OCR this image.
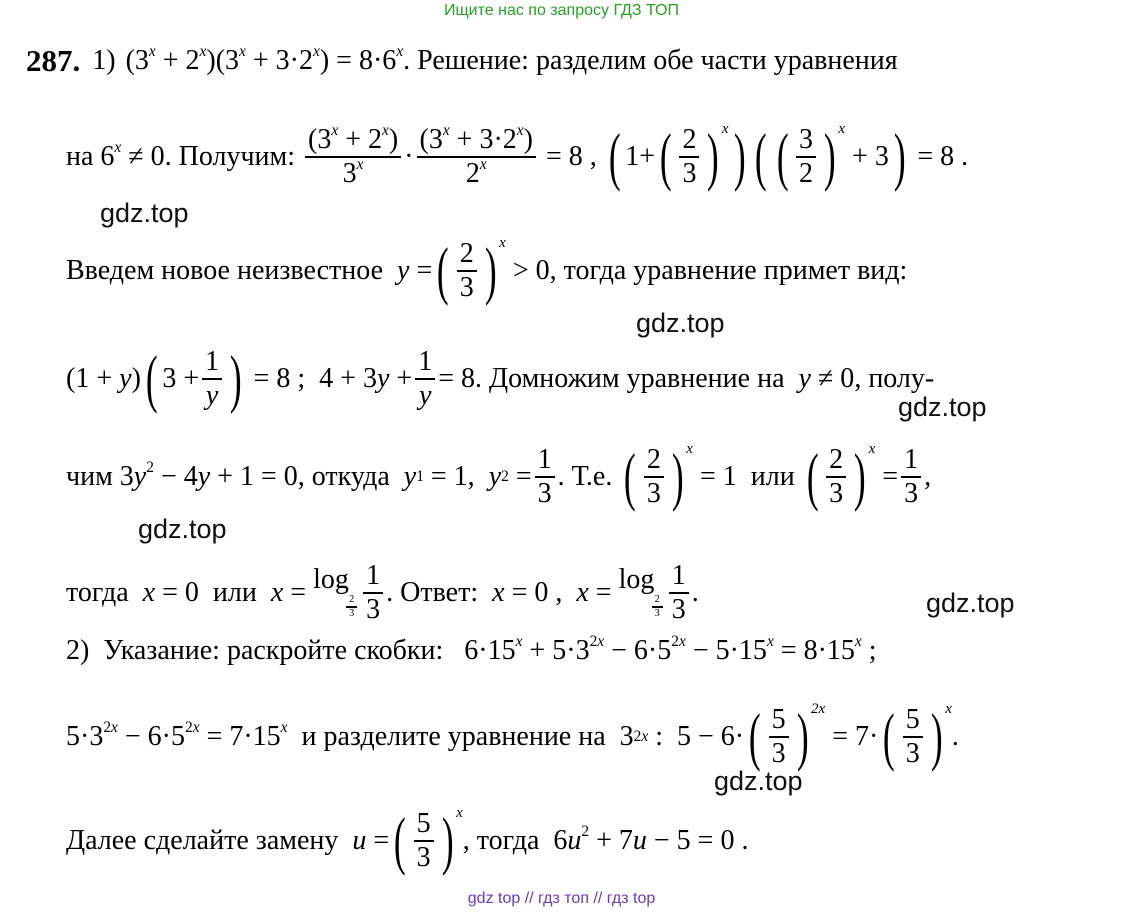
Ищите нас по запросу ГДЗ ТОП
gdz.top
gdz.top
gdz.top
gdz.top
gdz.top
gdz.top
287. 1) $(3^x + 2^x)(3^x + 3\cdot 2^x) = 8\cdot 6^x$ . Решение: разделим обе части уравнения
на
$6^x \ne 0$ . Получим:
$\frac{(3^x + 2^x)}{3^x} \cdot \frac{(3^x + 3\cdot 2^x)}{2^x} = 8$ , ( 1+ ( $\frac{2}{3}$ ) x ) ( ( $\frac{3}{2}$ ) x
+ 3 ) = 8 .
Введем новое неизвестное
y = ( $\frac{2}{3}$ ) x
> 0 , тогда уравнение примет вид:
(1 + y) ( $3 + \frac{1}{y}$ ) = 8 ;  4 + 3 $y + \frac{1}{y} = 8$ . Домножим уравнение на
y ≠ 0 , полу-
чим
$3y^2 - 4y + 1 = 0$ , откуда
y 1 = 1, y $2 = \frac{1}{3}$ . Т.е.
( $\frac{2}{3}$ ) x
= 1 или
( $\frac{2}{3}$ ) x
= $\frac{1}{3}$ ,
тогда
x = 0 или
x = log
$\frac{2}{3} \frac{1}{3}$ . Ответ:
x = 0 , x = log
$\frac{2}{3} \frac{1}{3}$ .
2)
Указание: раскройте скобки:
$6\cdot 15^x + 5\cdot 3^{2x} - 6\cdot 5^{2x} - 5\cdot 15^x = 8\cdot 15^x$ ;
$5\cdot 3^{2x} - 6\cdot 5^{2x} = 7\cdot 15^x$
и разделите уравнение на 3 2x :  5 − 6· ( $\frac{5}{3}$ ) 2x
= 7· ( $\frac{5}{3}$ ) x
.
Далее сделайте замену
u = ( $\frac{5}{3}$ ) x
, тогда
$6u^2 + 7u - 5 = 0$ .
gdz top // гдз топ // гдз top
